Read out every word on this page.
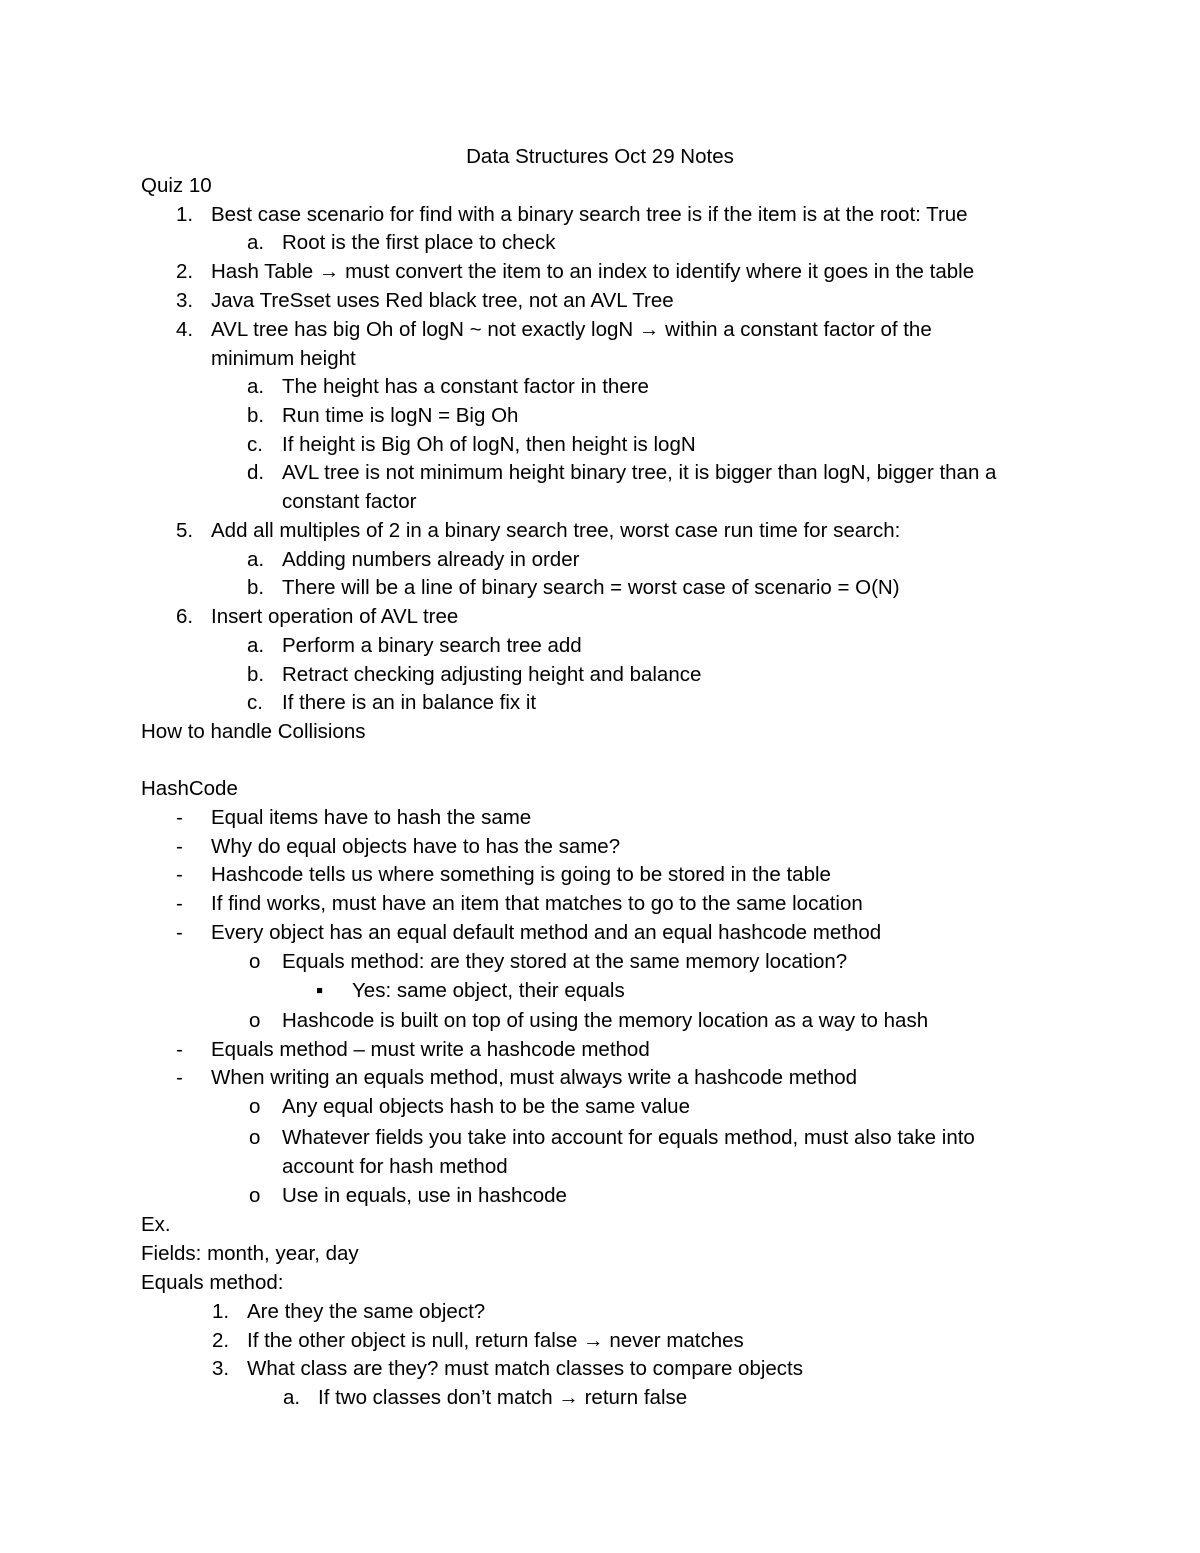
Data Structures Oct 29 Notes
Quiz 10
1. Best case scenario for find with a binary search tree is if the item is at the root: True
a. Root is the first place to check
2. Hash Table → must convert the item to an index to identify where it goes in the table
3. Java TreSset uses Red black tree, not an AVL Tree
4. AVL tree has big Oh of logN ~ not exactly logN → within a constant factor of the
minimum height
a. The height has a constant factor in there
b. Run time is logN = Big Oh
c. If height is Big Oh of logN, then height is logN
d. AVL tree is not minimum height binary tree, it is bigger than logN, bigger than a
constant factor
5. Add all multiples of 2 in a binary search tree, worst case run time for search:
a. Adding numbers already in order
b. There will be a line of binary search = worst case of scenario = O(N)
6. Insert operation of AVL tree
a. Perform a binary search tree add
b. Retract checking adjusting height and balance
c. If there is an in balance fix it
How to handle Collisions
HashCode
- Equal items have to hash the same
- Why do equal objects have to has the same?
- Hashcode tells us where something is going to be stored in the table
- If find works, must have an item that matches to go to the same location
- Every object has an equal default method and an equal hashcode method
o Equals method: are they stored at the same memory location?
▪ Yes: same object, their equals
o Hashcode is built on top of using the memory location as a way to hash
- Equals method – must write a hashcode method
- When writing an equals method, must always write a hashcode method
o Any equal objects hash to be the same value
o Whatever fields you take into account for equals method, must also take into
account for hash method
o Use in equals, use in hashcode
Ex.
Fields: month, year, day
Equals method:
1. Are they the same object?
2. If the other object is null, return false → never matches
3. What class are they? must match classes to compare objects
a. If two classes don’t match → return false
